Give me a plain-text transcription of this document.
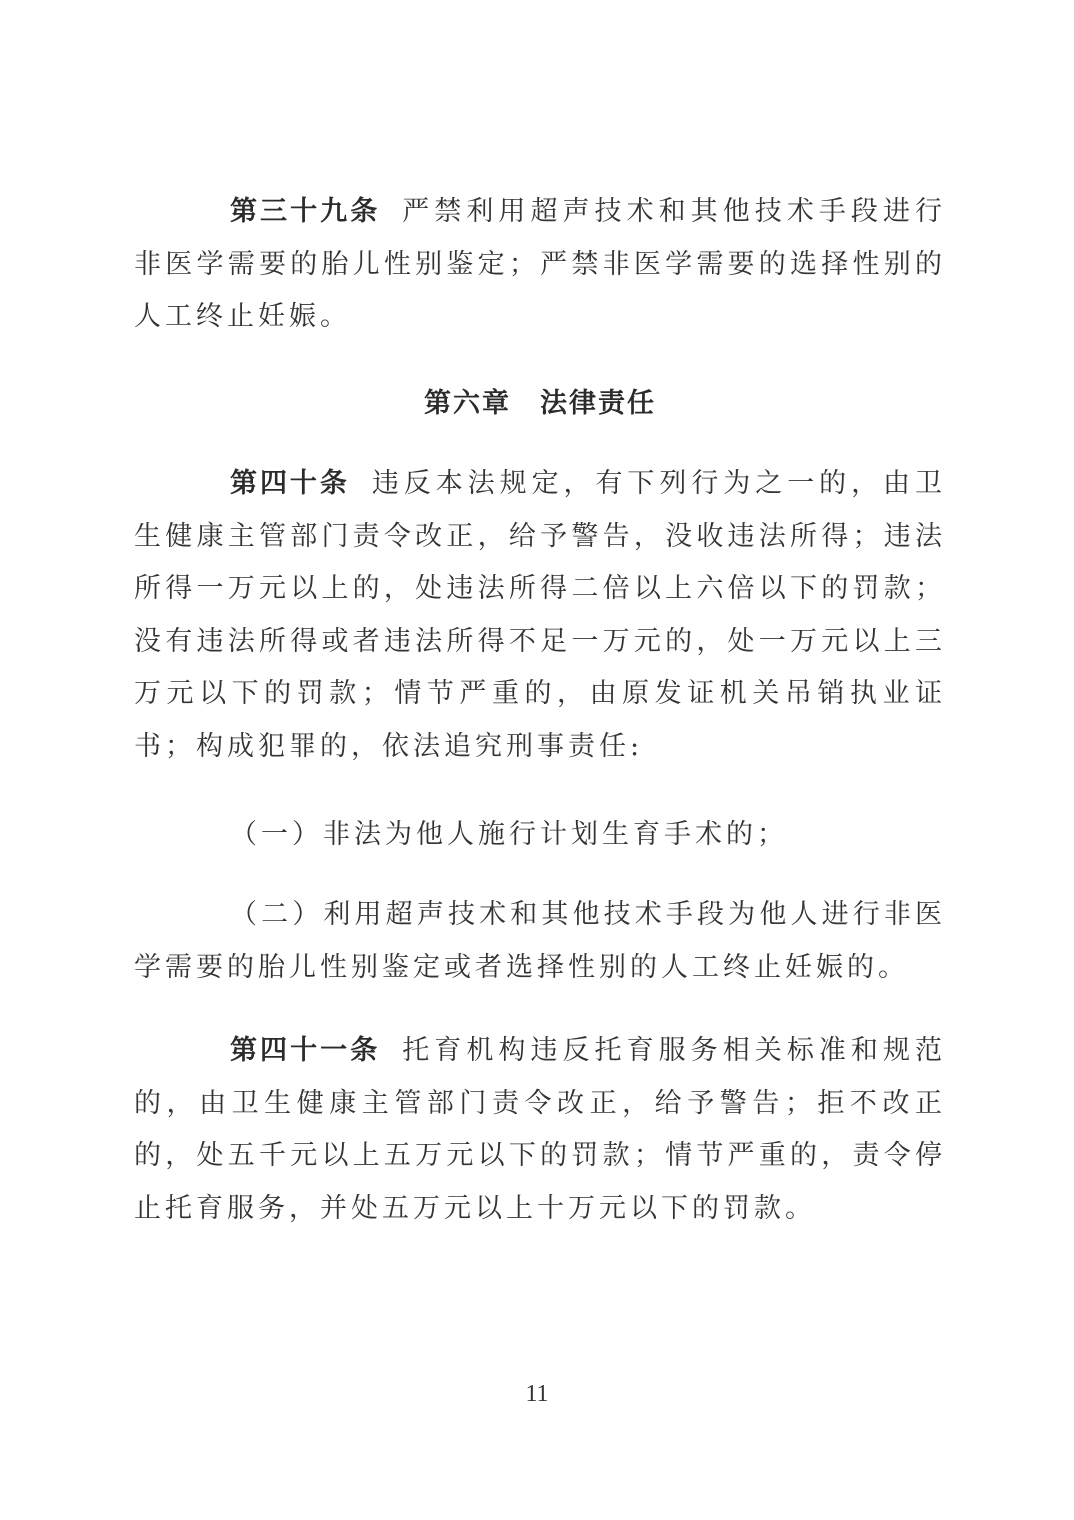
第三十九条 严禁利用超声技术和其他技术手段进行非医学需要的胎儿性别鉴定；严禁非医学需要的选择性别的人工终止妊娠。

第六章　法律责任

第四十条 违反本法规定，有下列行为之一的，由卫生健康主管部门责令改正，给予警告，没收违法所得；违法所得一万元以上的，处违法所得二倍以上六倍以下的罚款；没有违法所得或者违法所得不足一万元的，处一万元以上三万元以下的罚款；情节严重的，由原发证机关吊销执业证书；构成犯罪的，依法追究刑事责任:

（一）非法为他人施行计划生育手术的；

（二）利用超声技术和其他技术手段为他人进行非医学需要的胎儿性别鉴定或者选择性别的人工终止妊娠的。

第四十一条 托育机构违反托育服务相关标准和规范的，由卫生健康主管部门责令改正，给予警告；拒不改正的，处五千元以上五万元以下的罚款；情节严重的，责令停止托育服务，并处五万元以上十万元以下的罚款。

11
